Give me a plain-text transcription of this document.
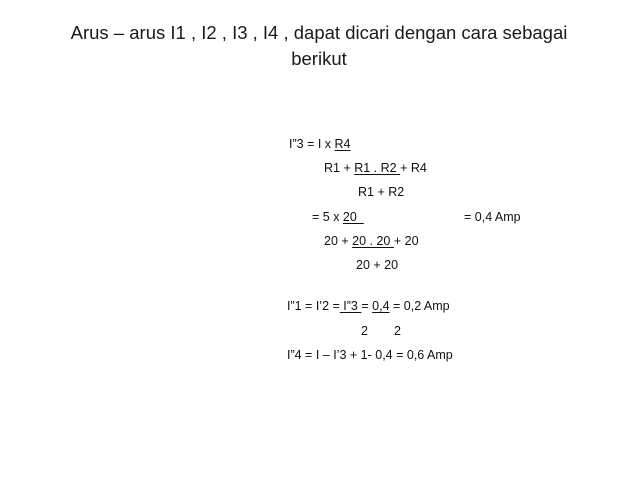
Arus – arus I1 , I2 , I3 , I4 , dapat dicari dengan cara sebagai
berikut
I”3 = I x R4
R1 + R1 . R2 + R4
R1 + R2
= 5 x 20	= 0,4 Amp
20 + 20 . 20 + 20
20 + 20
I”1 = I’2 = I”3 = 0,4 = 0,2 Amp
2 2
I”4 = I – I’3 + 1- 0,4 = 0,6 Amp
